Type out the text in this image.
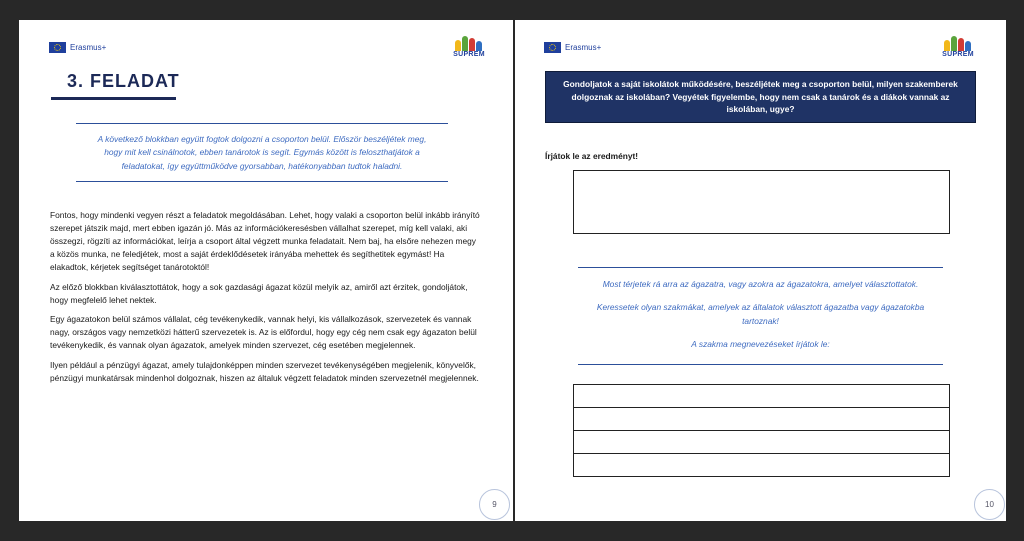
Erasmus+
SUPREM
3. FELADAT

A következő blokkban együtt fogtok dolgozni a csoporton belül. Először beszéljétek meg, hogy mit kell csinálnotok, ebben tanárotok is segít. Egymás között is feloszthatjátok a feladatokat, így együttműködve gyorsabban, hatékonyabban tudtok haladni.

Fontos, hogy mindenki vegyen részt a feladatok megoldásában. Lehet, hogy valaki a csoporton belül inkább irányító szerepet játszik majd, mert ebben igazán jó. Más az információkeresésben vállalhat szerepet, míg kell valaki, aki összegzi, rögzíti az információkat, leírja a csoport által végzett munka feladatait. Nem baj, ha elsőre nehezen megy a közös munka, ne feledjétek, most a saját érdeklődésetek irányába mehettek és segíthetitek egymást! Ha elakadtok, kérjetek segítséget tanárotoktól!

Az előző blokkban kiválasztottátok, hogy a sok gazdasági ágazat közül melyik az, amiről azt érzitek, gondoljátok, hogy megfelelő lehet nektek.

Egy ágazatokon belül számos vállalat, cég tevékenykedik, vannak helyi, kis vállalkozások, szervezetek és vannak nagy, országos vagy nemzetközi hátterű szervezetek is. Az is előfordul, hogy egy cég nem csak egy ágazaton belül tevékenykedik, és vannak olyan ágazatok, amelyek minden szervezet, cég esetében megjelennek.

Ilyen például a pénzügyi ágazat, amely tulajdonképpen minden szervezet tevékenységében megjelenik, könyvelők, pénzügyi munkatársak mindenhol dolgoznak, hiszen az általuk végzett feladatok minden szervezetnél megjelennek.

9
Erasmus+
SUPREM

Gondoljatok a saját iskolátok működésére, beszéljétek meg a csoporton belül, milyen szakemberek dolgoznak az iskolában? Vegyétek figyelembe, hogy nem csak a tanárok és a diákok vannak az iskolában, ugye?

Írjátok le az eredményt!

Most térjetek rá arra az ágazatra, vagy azokra az ágazatokra, amelyet választottatok.

Keressetek olyan szakmákat, amelyek az általatok választott ágazatba vagy ágazatokba tartoznak!

A szakma megnevezéseket írjátok le:

10
